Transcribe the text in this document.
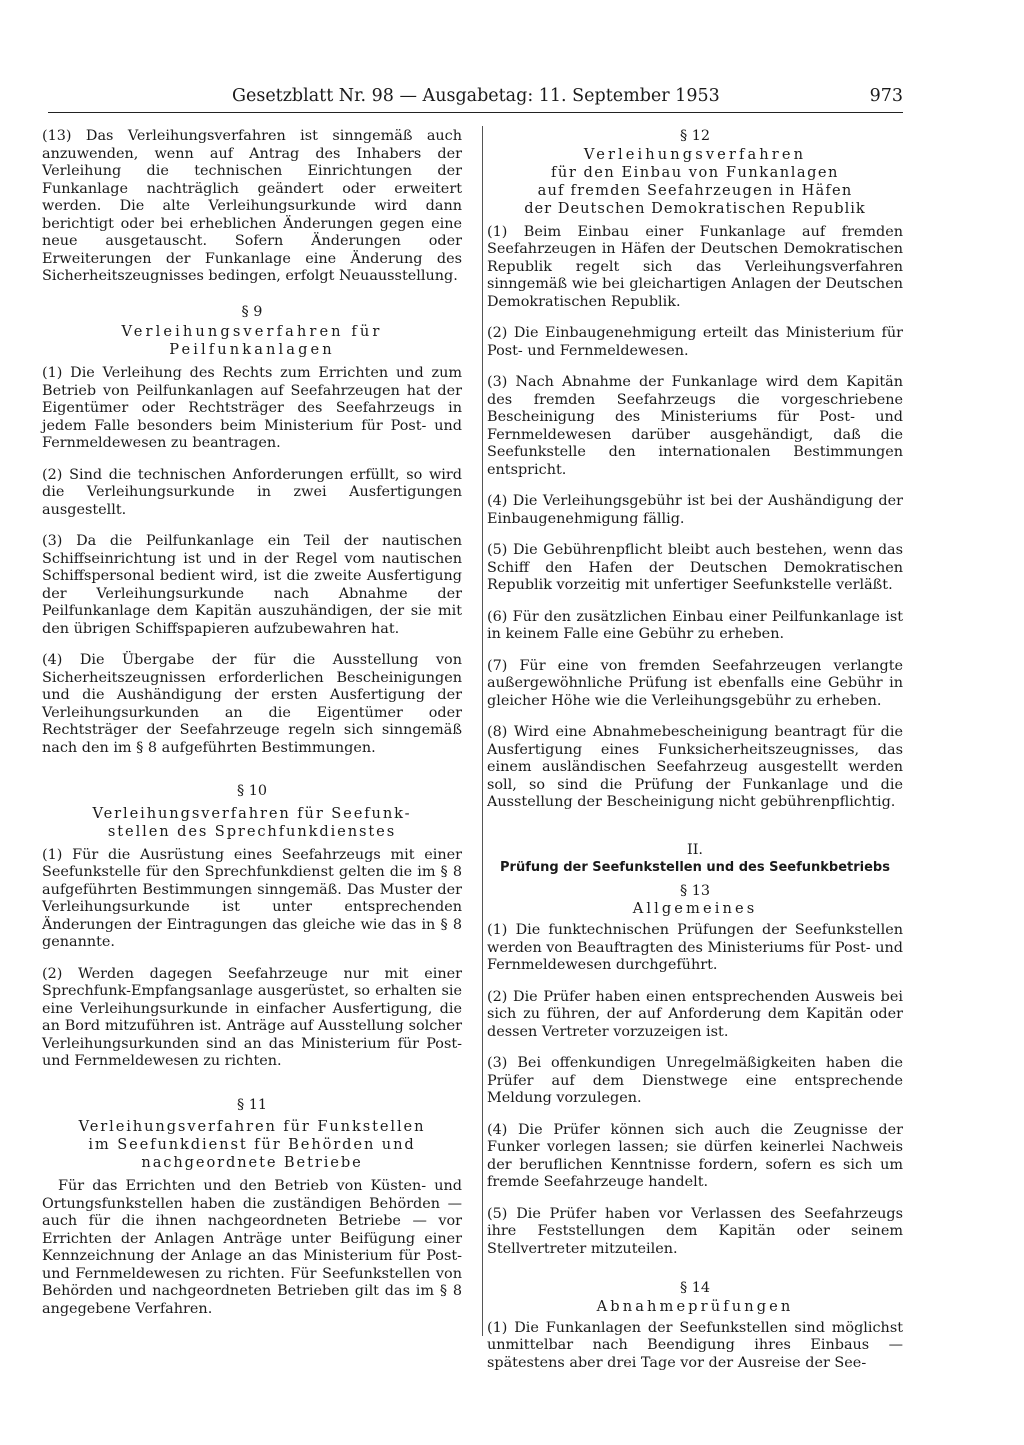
Gesetzblatt Nr. 98 — Ausgabetag: 11. September 1953	973

(13) Das Verleihungsverfahren ist sinngemäß auch anzuwenden, wenn auf Antrag des Inhabers der Verleihung die technischen Einrichtungen der Funkanlage nachträglich geändert oder erweitert werden. Die alte Verleihungsurkunde wird dann berichtigt oder bei erheblichen Änderungen gegen eine neue ausgetauscht. Sofern Änderungen oder Erweiterungen der Funkanlage eine Änderung des Sicherheitszeugnisses bedingen, erfolgt Neuausstellung.

§ 9

Verleihungsverfahren für Peilfunkanlagen

(1) Die Verleihung des Rechts zum Errichten und zum Betrieb von Peilfunkanlagen auf Seefahrzeugen hat der Eigentümer oder Rechtsträger des Seefahrzeugs in jedem Falle besonders beim Ministerium für Post- und Fernmeldewesen zu beantragen.

(2) Sind die technischen Anforderungen erfüllt, so wird die Verleihungsurkunde in zwei Ausfertigungen ausgestellt.

(3) Da die Peilfunkanlage ein Teil der nautischen Schiffseinrichtung ist und in der Regel vom nautischen Schiffspersonal bedient wird, ist die zweite Ausfertigung der Verleihungsurkunde nach Abnahme der Peilfunkanlage dem Kapitän auszuhändigen, der sie mit den übrigen Schiffspapieren aufzubewahren hat.

(4) Die Übergabe der für die Ausstellung von Sicherheitszeugnissen erforderlichen Bescheinigungen und die Aushändigung der ersten Ausfertigung der Verleihungsurkunden an die Eigentümer oder Rechtsträger der Seefahrzeuge regeln sich sinngemäß nach den im § 8 aufgeführten Bestimmungen.

§ 10

Verleihungsverfahren für Seefunk-

stellen des Sprechfunkdienstes

(1) Für die Ausrüstung eines Seefahrzeugs mit einer Seefunkstelle für den Sprechfunkdienst gelten die im § 8 aufgeführten Bestimmungen sinngemäß. Das Muster der Verleihungsurkunde ist unter entsprechenden Änderungen der Eintragungen das gleiche wie das in § 8 genannte.

(2) Werden dagegen Seefahrzeuge nur mit einer Sprechfunk-Empfangsanlage ausgerüstet, so erhalten sie eine Verleihungsurkunde in einfacher Ausfertigung, die an Bord mitzuführen ist. Anträge auf Ausstellung solcher Verleihungsurkunden sind an das Ministerium für Post- und Fernmeldewesen zu richten.

§ 11

Verleihungsverfahren für Funkstellen

im Seefunkdienst für Behörden und

nachgeordnete Betriebe

Für das Errichten und den Betrieb von Küsten- und Ortungsfunkstellen haben die zuständigen Behörden — auch für die ihnen nachgeordneten Betriebe — vor Errichten der Anlagen Anträge unter Beifügung einer Kennzeichnung der Anlage an das Ministerium für Post- und Fernmeldewesen zu richten. Für Seefunkstellen von Behörden und nachgeordneten Betrieben gilt das im § 8 angegebene Verfahren.

§ 12

Verleihungsverfahren

für den Einbau von Funkanlagen

auf fremden Seefahrzeugen in Häfen

der Deutschen Demokratischen Republik

(1) Beim Einbau einer Funkanlage auf fremden Seefahrzeugen in Häfen der Deutschen Demokratischen Republik regelt sich das Verleihungsverfahren sinngemäß wie bei gleichartigen Anlagen der Deutschen Demokratischen Republik.

(2) Die Einbaugenehmigung erteilt das Ministerium für Post- und Fernmeldewesen.

(3) Nach Abnahme der Funkanlage wird dem Kapitän des fremden Seefahrzeugs die vorgeschriebene Bescheinigung des Ministeriums für Post- und Fernmeldewesen darüber ausgehändigt, daß die Seefunkstelle den internationalen Bestimmungen entspricht.

(4) Die Verleihungsgebühr ist bei der Aushändigung der Einbaugenehmigung fällig.

(5) Die Gebührenpflicht bleibt auch bestehen, wenn das Schiff den Hafen der Deutschen Demokratischen Republik vorzeitig mit unfertiger Seefunkstelle verläßt.

(6) Für den zusätzlichen Einbau einer Peilfunkanlage ist in keinem Falle eine Gebühr zu erheben.

(7) Für eine von fremden Seefahrzeugen verlangte außergewöhnliche Prüfung ist ebenfalls eine Gebühr in gleicher Höhe wie die Verleihungsgebühr zu erheben.

(8) Wird eine Abnahmebescheinigung beantragt für die Ausfertigung eines Funksicherheitszeugnisses, das einem ausländischen Seefahrzeug ausgestellt werden soll, so sind die Prüfung der Funkanlage und die Ausstellung der Bescheinigung nicht gebührenpflichtig.

II.

Prüfung der Seefunkstellen und des Seefunkbetriebs

§ 13

Allgemeines

(1) Die funktechnischen Prüfungen der Seefunkstellen werden von Beauftragten des Ministeriums für Post- und Fernmeldewesen durchgeführt.

(2) Die Prüfer haben einen entsprechenden Ausweis bei sich zu führen, der auf Anforderung dem Kapitän oder dessen Vertreter vorzuzeigen ist.

(3) Bei offenkundigen Unregelmäßigkeiten haben die Prüfer auf dem Dienstwege eine entsprechende Meldung vorzulegen.

(4) Die Prüfer können sich auch die Zeugnisse der Funker vorlegen lassen; sie dürfen keinerlei Nachweis der beruflichen Kenntnisse fordern, sofern es sich um fremde Seefahrzeuge handelt.

(5) Die Prüfer haben vor Verlassen des Seefahrzeugs ihre Feststellungen dem Kapitän oder seinem Stellvertreter mitzuteilen.

§ 14

Abnahmeprüfungen

(1) Die Funkanlagen der Seefunkstellen sind möglichst unmittelbar nach Beendigung ihres Einbaus — spätestens aber drei Tage vor der Ausreise der See-
